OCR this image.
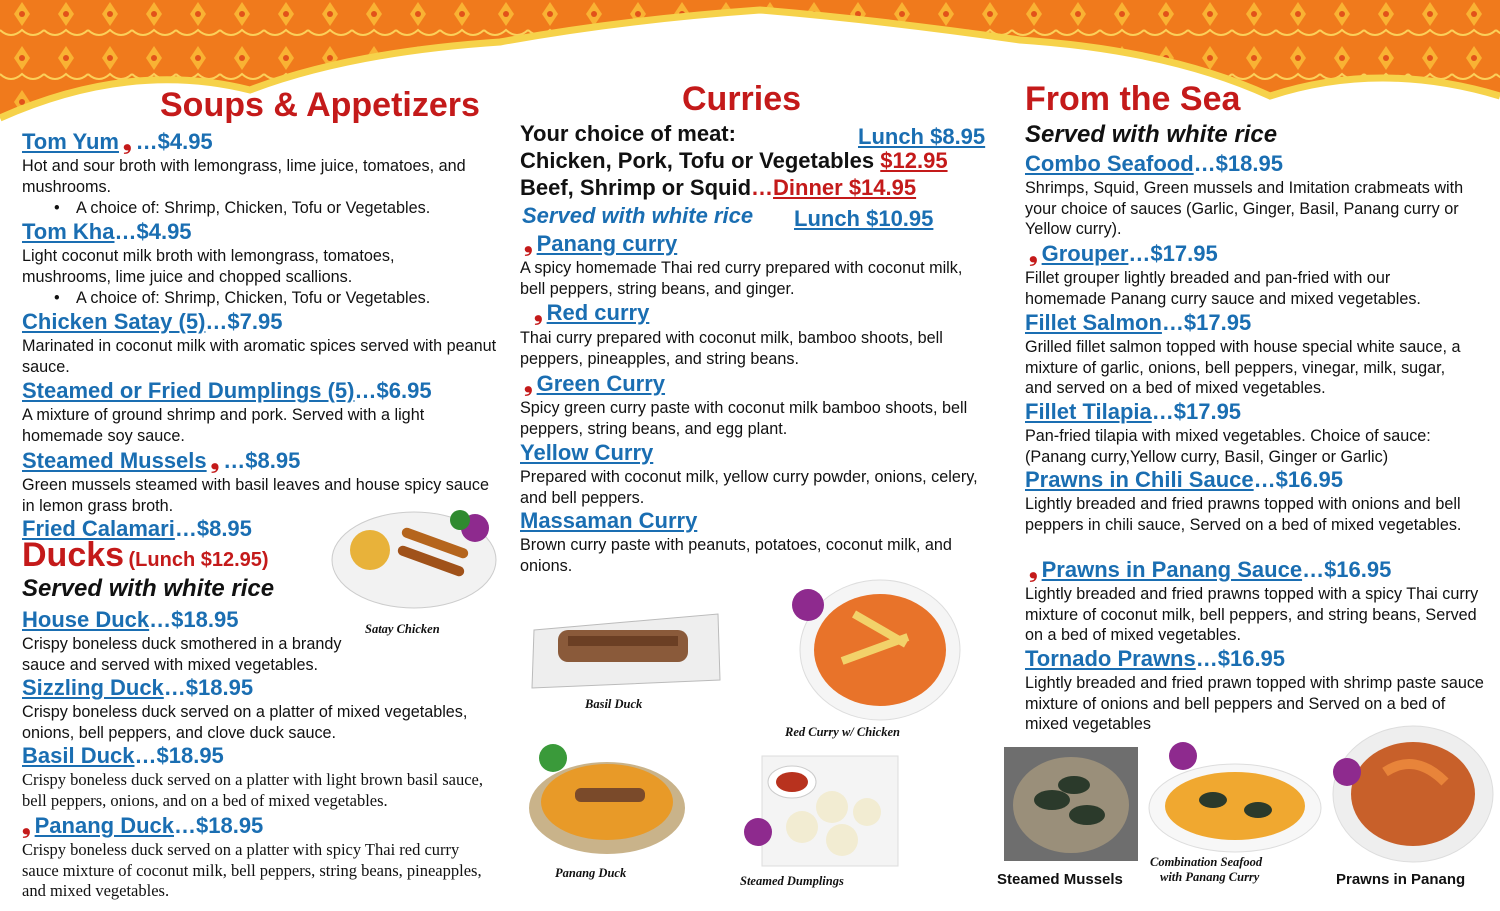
Soups & Appetizers
Tom Yum ❟ …$4.95
Hot and sour broth with lemongrass, lime juice, tomatoes, and mushrooms.
• A choice of: Shrimp, Chicken, Tofu or Vegetables.
Tom Kha…$4.95
Light coconut milk broth with lemongrass, tomatoes, mushrooms, lime juice and chopped scallions.
• A choice of: Shrimp, Chicken, Tofu or Vegetables.
Chicken Satay (5)…$7.95
Marinated in coconut milk with aromatic spices served with peanut sauce.
Steamed or Fried Dumplings (5)…$6.95
A mixture of ground shrimp and pork. Served with a light homemade soy sauce.
Steamed Mussels ❟ …$8.95
Green mussels steamed with basil leaves and house spicy sauce in lemon grass broth.
Fried Calamari…$8.95
Ducks (Lunch $12.95)
Served with white rice
House Duck…$18.95
Crispy boneless duck smothered in a brandy sauce and served with mixed vegetables.
Sizzling Duck…$18.95
Crispy boneless duck served on a platter of mixed vegetables, onions, bell peppers, and clove duck sauce.
Basil Duck…$18.95
Crispy boneless duck served on a platter with light brown basil sauce, bell peppers, onions, and on a bed of mixed vegetables.
❟ Panang Duck…$18.95
Crispy boneless duck served on a platter with spicy Thai red curry sauce mixture of coconut milk, bell peppers, string beans, pineapples, and mixed vegetables.
Satay Chicken
Curries
Your choice of meat:	Lunch $8.95
Chicken, Pork, Tofu or Vegetables $12.95
Beef, Shrimp or Squid…Dinner $14.95
Served with white rice Lunch $10.95
❟ Panang curry
A spicy homemade Thai red curry prepared with coconut milk, bell peppers, string beans, and ginger.
❟ Red curry
Thai curry prepared with coconut milk, bamboo shoots, bell peppers, pineapples, and string beans.
❟ Green Curry
Spicy green curry paste with coconut milk bamboo shoots, bell peppers, string beans, and egg plant.
Yellow Curry
Prepared with coconut milk, yellow curry powder, onions, celery, and bell peppers.
Massaman Curry
Brown curry paste with peanuts, potatoes, coconut milk, and onions.
Basil Duck
Red Curry w/ Chicken
Panang Duck
Steamed Dumplings
From the Sea
Served with white rice
Combo Seafood…$18.95
Shrimps, Squid, Green mussels and Imitation crabmeats with your choice of sauces (Garlic, Ginger, Basil, Panang curry or Yellow curry).
❟ Grouper…$17.95
Fillet grouper lightly breaded and pan-fried with our homemade Panang curry sauce and mixed vegetables.
Fillet Salmon…$17.95
Grilled fillet salmon topped with house special white sauce, a mixture of garlic, onions, bell peppers, vinegar, milk, sugar, and served on a bed of mixed vegetables.
Fillet Tilapia…$17.95
Pan-fried tilapia with mixed vegetables. Choice of sauce: (Panang curry,Yellow curry, Basil, Ginger or Garlic)
Prawns in Chili Sauce…$16.95
Lightly breaded and fried prawns topped with onions and bell peppers in chili sauce, Served on a bed of mixed vegetables.
❟ Prawns in Panang Sauce…$16.95
Lightly breaded and fried prawns topped with a spicy Thai curry mixture of coconut milk, bell peppers, and string beans, Served on a bed of mixed vegetables.
Tornado Prawns…$16.95
Lightly breaded and fried prawn topped with shrimp paste sauce mixture of onions and bell peppers and Served on a bed of mixed vegetables
Steamed Mussels
Combination Seafood
with Panang Curry	Prawns in Panang
